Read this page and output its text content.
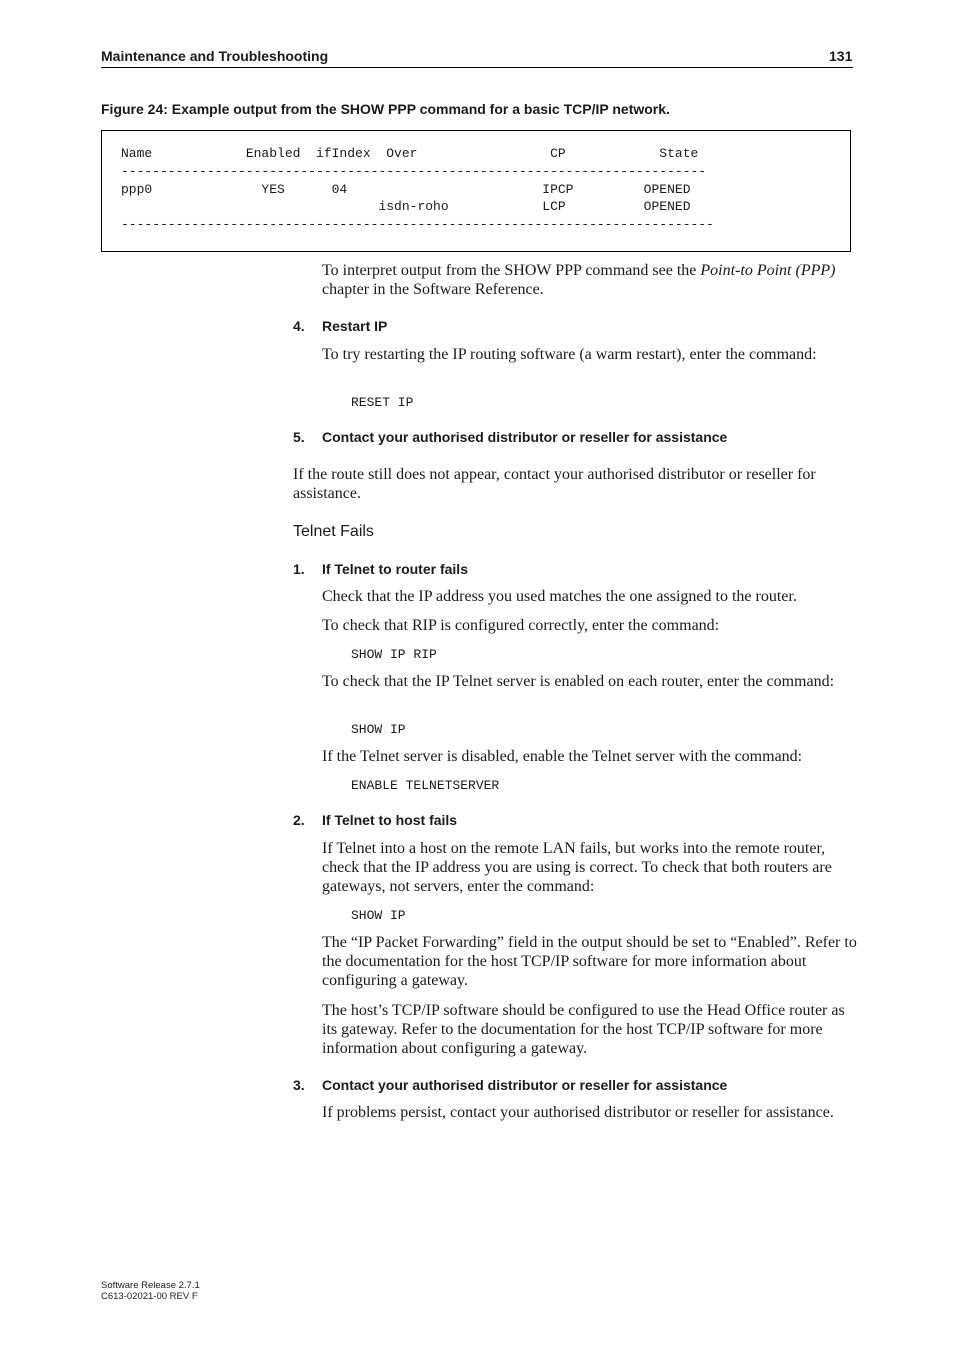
Maintenance and Troubleshooting	131
Figure 24: Example output from the SHOW PPP command for a basic TCP/IP network.
Name            Enabled  ifIndex  Over                 CP            State
---------------------------------------------------------------------------
ppp0              YES      04                         IPCP         OPENED
isdn-roho            LCP          OPENED
----------------------------------------------------------------------------
To interpret output from the SHOW PPP command see the Point-to Point (PPP) chapter in the Software Reference.
4. Restart IP
To try restarting the IP routing software (a warm restart), enter the command:
RESET IP
5. Contact your authorised distributor or reseller for assistance
If the route still does not appear, contact your authorised distributor or reseller for assistance.
Telnet Fails
1. If Telnet to router fails
Check that the IP address you used matches the one assigned to the router.
To check that RIP is configured correctly, enter the command:
SHOW IP RIP
To check that the IP Telnet server is enabled on each router, enter the command:
SHOW IP
If the Telnet server is disabled, enable the Telnet server with the command:
ENABLE TELNETSERVER
2. If Telnet to host fails
If Telnet into a host on the remote LAN fails, but works into the remote router, check that the IP address you are using is correct. To check that both routers are gateways, not servers, enter the command:
SHOW IP
The “IP Packet Forwarding” field in the output should be set to “Enabled”. Refer to the documentation for the host TCP/IP software for more information about configuring a gateway.
The host’s TCP/IP software should be configured to use the Head Office router as its gateway. Refer to the documentation for the host TCP/IP software for more information about configuring a gateway.
3. Contact your authorised distributor or reseller for assistance
If problems persist, contact your authorised distributor or reseller for assistance.
Software Release 2.7.1
C613-02021-00 REV F
